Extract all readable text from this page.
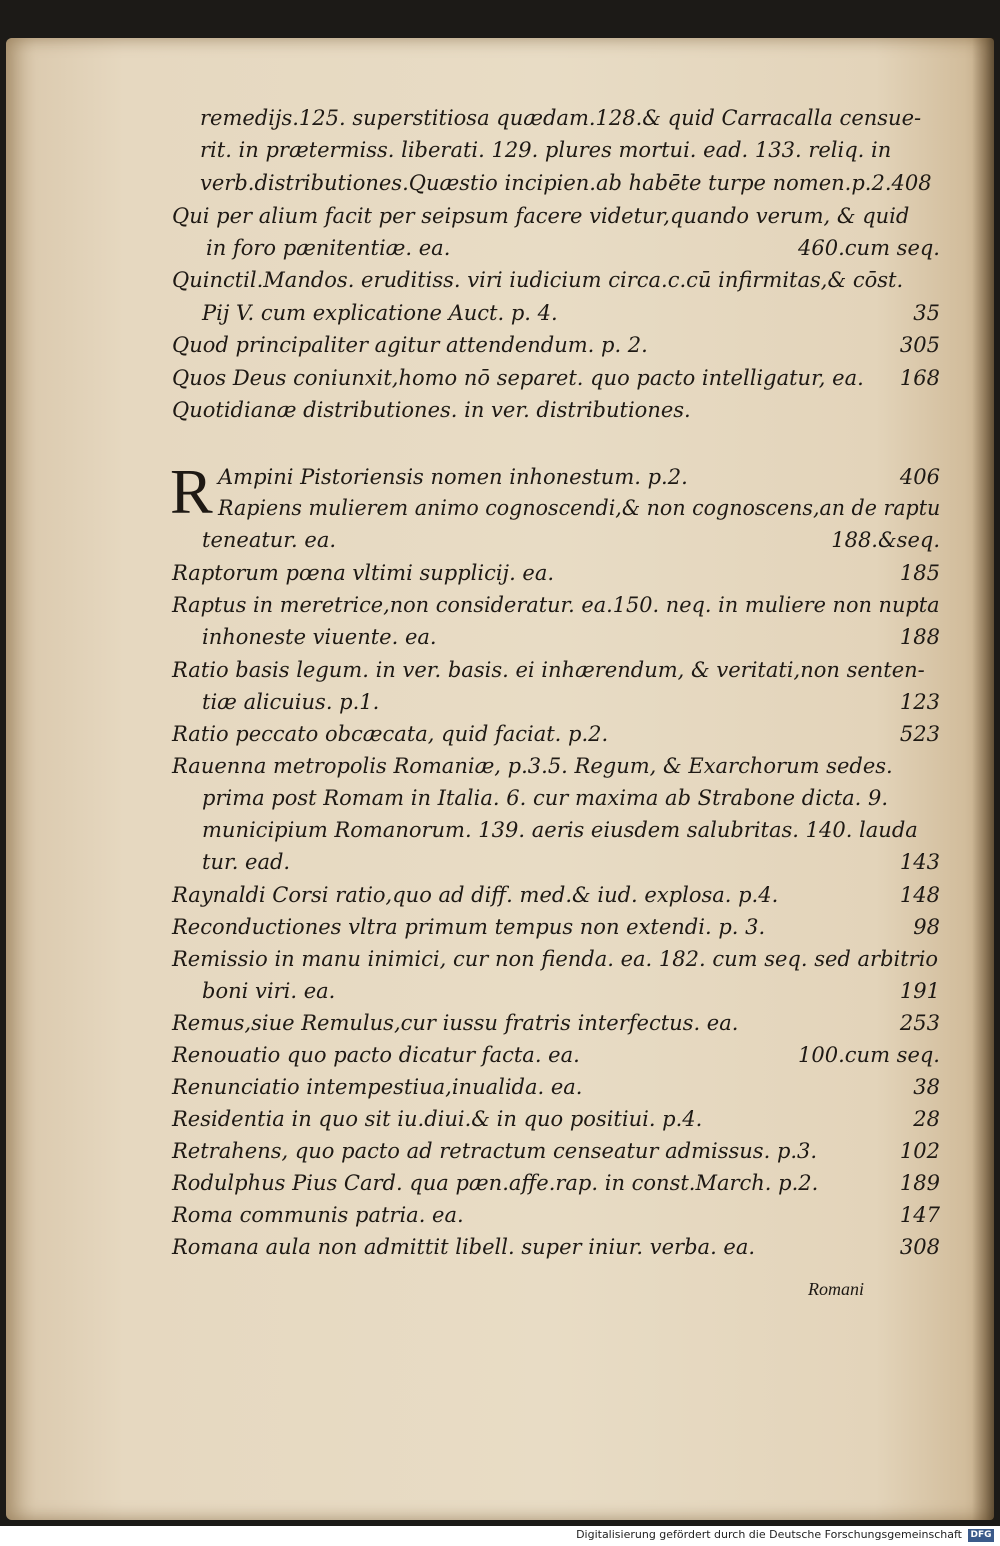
R
remedijs.125. superstitiosa quædam.128.& quid Carracalla censue-
rit. in prætermiss. liberati. 129. plures mortui. ead. 133. reliq. in
verb.distributiones.Quæstio incipien.ab habēte turpe nomen.p.2.408
Qui per alium facit per seipsum facere videtur,quando verum, & quid
in foro pænitentiæ. ea.	460.cum seq.
Quinctil.Mandos. eruditiss. viri iudicium circa.c.cū infirmitas,& cōst.
Pij V. cum explicatione Auct. p. 4.	35
Quod principaliter agitur attendendum. p. 2.	305
Quos Deus coniunxit,homo nō separet. quo pacto intelligatur, ea. 168
Quotidianæ distributiones. in ver. distributiones.
Ampini Pistoriensis nomen inhonestum. p.2.	406
Rapiens mulierem animo cognoscendi,& non cognoscens,an de raptu
teneatur. ea.	188.&seq.
Raptorum pœna vltimi supplicij. ea.	185
Raptus in meretrice,non consideratur. ea.150. neq. in muliere non nupta
inhoneste viuente. ea.	188
Ratio basis legum. in ver. basis. ei inhærendum, & veritati,non senten-
tiæ alicuius. p.1.	123
Ratio peccato obcæcata, quid faciat. p.2.	523
Rauenna metropolis Romaniæ, p.3.5. Regum, & Exarchorum sedes.
prima post Romam in Italia. 6. cur maxima ab Strabone dicta. 9.
municipium Romanorum. 139. aeris eiusdem salubritas. 140. lauda
tur. ead.	143
Raynaldi Corsi ratio,quo ad diff. med.& iud. explosa. p.4.	148
Reconductiones vltra primum tempus non extendi. p. 3.	98
Remissio in manu inimici, cur non fienda. ea. 182. cum seq. sed arbitrio
boni viri. ea.	191
Remus,siue Remulus,cur iussu fratris interfectus. ea.	253
Renouatio quo pacto dicatur facta. ea.	100.cum seq.
Renunciatio intempestiua,inualida. ea.	38
Residentia in quo sit iu.diui.& in quo positiui. p.4.	28
Retrahens, quo pacto ad retractum censeatur admissus. p.3.	102
Rodulphus Pius Card. qua pæn.affe.rap. in const.March. p.2.	189
Roma communis patria. ea.	147
Romana aula non admittit libell. super iniur. verba. ea.	308
Romani
Digitalisierung gefördert durch die Deutsche Forschungsgemeinschaft DFG
